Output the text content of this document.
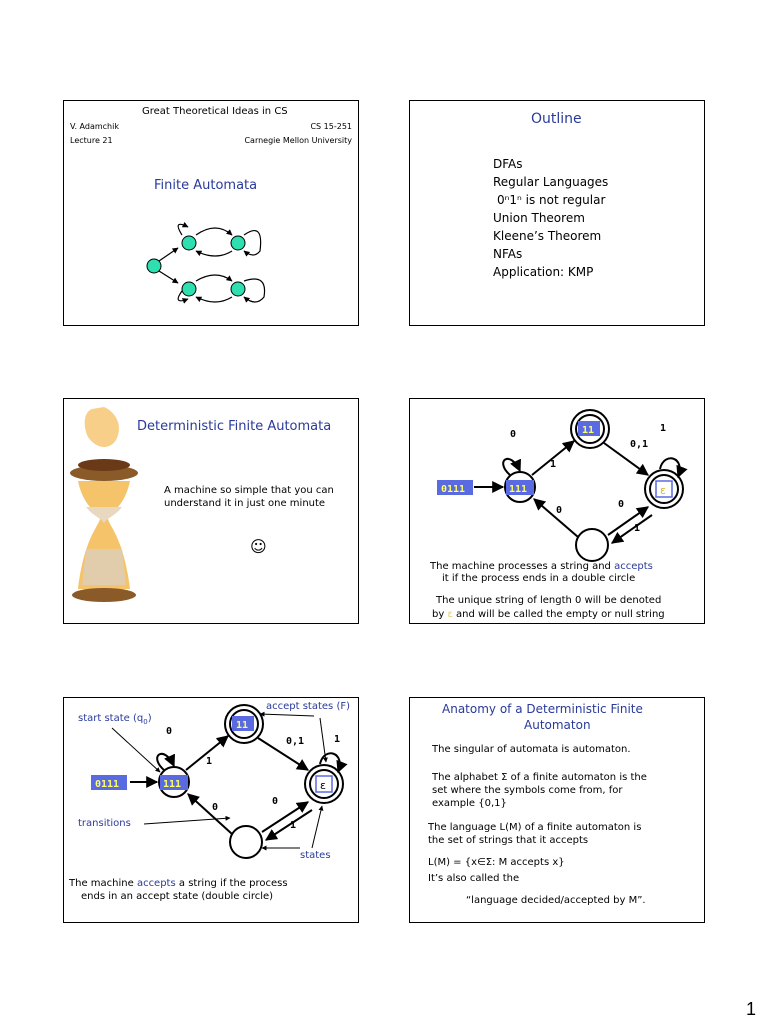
Great Theoretical Ideas in CS
V. Adamchik	CS 15-251
Lecture 21	Carnegie Mellon University
Finite Automata
Outline
DFAs
Regular Languages
0ⁿ1ⁿ is not regular
Union Theorem
Kleene’s Theorem
NFAs
Application: KMP
Deterministic Finite Automata
A machine so simple that you can
understand it in just one minute
☺
11
111
0111	ε
0
1
0,1
1
0
0
1
The machine processes a string and accepts
it if the process ends in a double circle
The unique string of length 0 will be denoted
by ε and will be called the empty or null string
11
111
0111	ε
0
1
0,1	1
0
0
1
accept states (F)
start state $(q_0)$
transitions
states
The machine accepts a string if the process
ends in an accept state (double circle)
Anatomy of a Deterministic Finite
Automaton
The singular of automata is automaton.
The alphabet Σ of a finite automaton is the
set where the symbols come from, for
example {0,1}
The language L(M) of a finite automaton is
the set of strings that it accepts
L(M) = {x∈Σ: M accepts x}
It’s also called the
“language decided/accepted by M”.
1
